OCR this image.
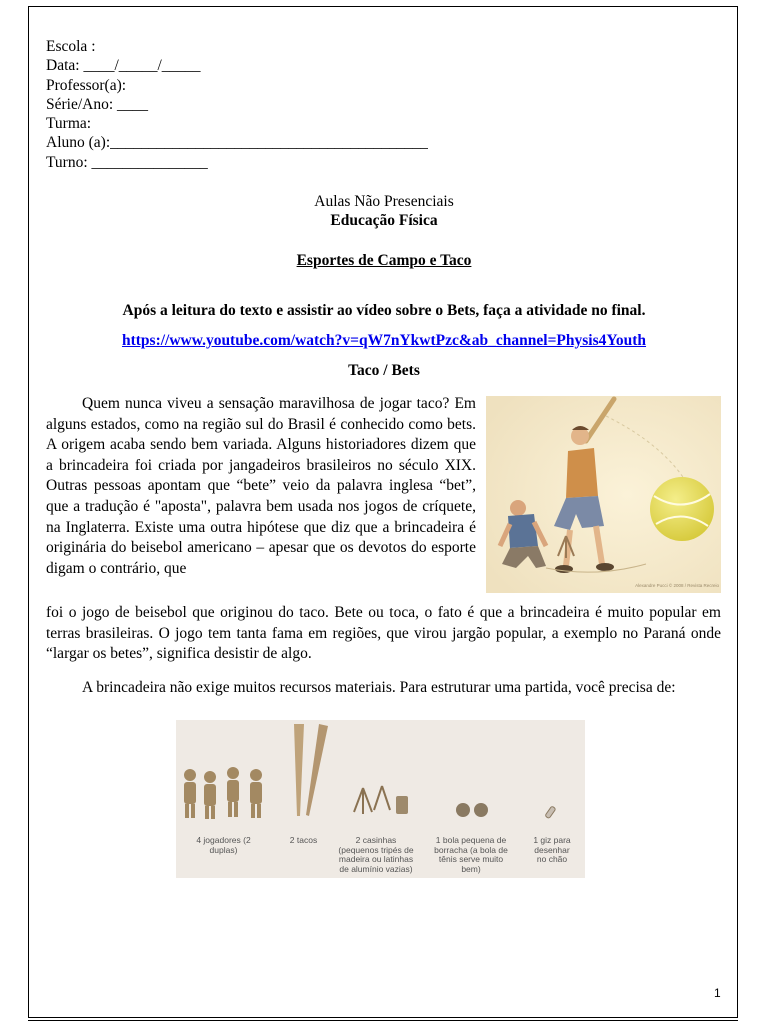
Escola :
Data: ____/_____/_____
Professor(a):
Série/Ano: ____
Turma:
Aluno (a):_________________________________________
Turno: _______________
Aulas Não Presenciais
Educação Física
Esportes de Campo e Taco
Após a leitura do texto e assistir ao vídeo sobre o Bets, faça a atividade no final.
https://www.youtube.com/watch?v=qW7nYkwtPzc&ab_channel=Physis4Youth
Taco / Bets
Quem nunca viveu a sensação maravilhosa de jogar taco? Em alguns estados, como na região sul do Brasil é conhecido como bets. A origem acaba sendo bem variada. Alguns historiadores dizem que a brincadeira foi criada por jangadeiros brasileiros no século XIX. Outras pessoas apontam que “bete” veio da palavra inglesa “bet”, que a tradução é "aposta", palavra bem usada nos jogos de críquete, na Inglaterra. Existe uma outra hipótese que diz que a brincadeira é originária do beisebol americano – apesar que os devotos do esporte digam o contrário, que
Alexandre Pucci © 2008 / Revista Recreio
foi o jogo de beisebol que originou do taco. Bete ou toca, o fato é que a brincadeira é muito popular em terras brasileiras. O jogo tem tanta fama em regiões, que virou jargão popular, a exemplo no Paraná onde “largar os betes”, significa desistir de algo.
A brincadeira não exige muitos recursos materiais. Para estruturar uma partida, você precisa de:
4 jogadores (2 duplas)
2 tacos	2 casinhas (pequenos tripés de madeira ou latinhas de alumínio vazias)
1 bola pequena de borracha (a bola de tênis serve muito bem)
1 giz para desenhar no chão
1
